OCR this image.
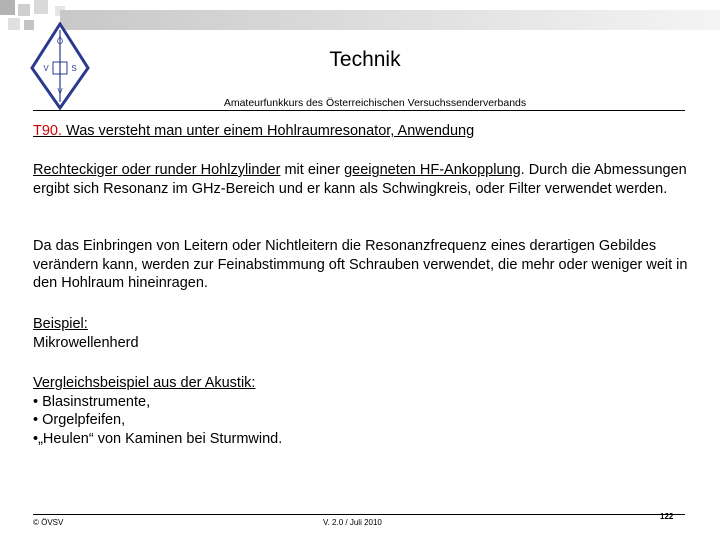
Ö
V	S
V
Technik
Amateurfunkkurs des Österreichischen Versuchssenderverbands
T90. Was versteht man unter einem Hohlraumresonator, Anwendung
Rechteckiger oder runder Hohlzylinder mit einer geeigneten HF-Ankopplung. Durch die Abmessungen ergibt sich Resonanz im GHz-Bereich und er kann als Schwingkreis, oder Filter verwendet werden.
Da das Einbringen von Leitern oder Nichtleitern die Resonanzfrequenz eines derartigen Gebildes verändern kann, werden zur Feinabstimmung oft Schrauben verwendet, die mehr oder weniger weit in den Hohlraum hineinragen.
Beispiel:
Mikrowellenherd
Vergleichsbeispiel aus der Akustik:
• Blasinstrumente,
• Orgelpfeifen,
•„Heulen“ von Kaminen bei Sturmwind.
© ÖVSV	V. 2.0 / Juli 2010
122
